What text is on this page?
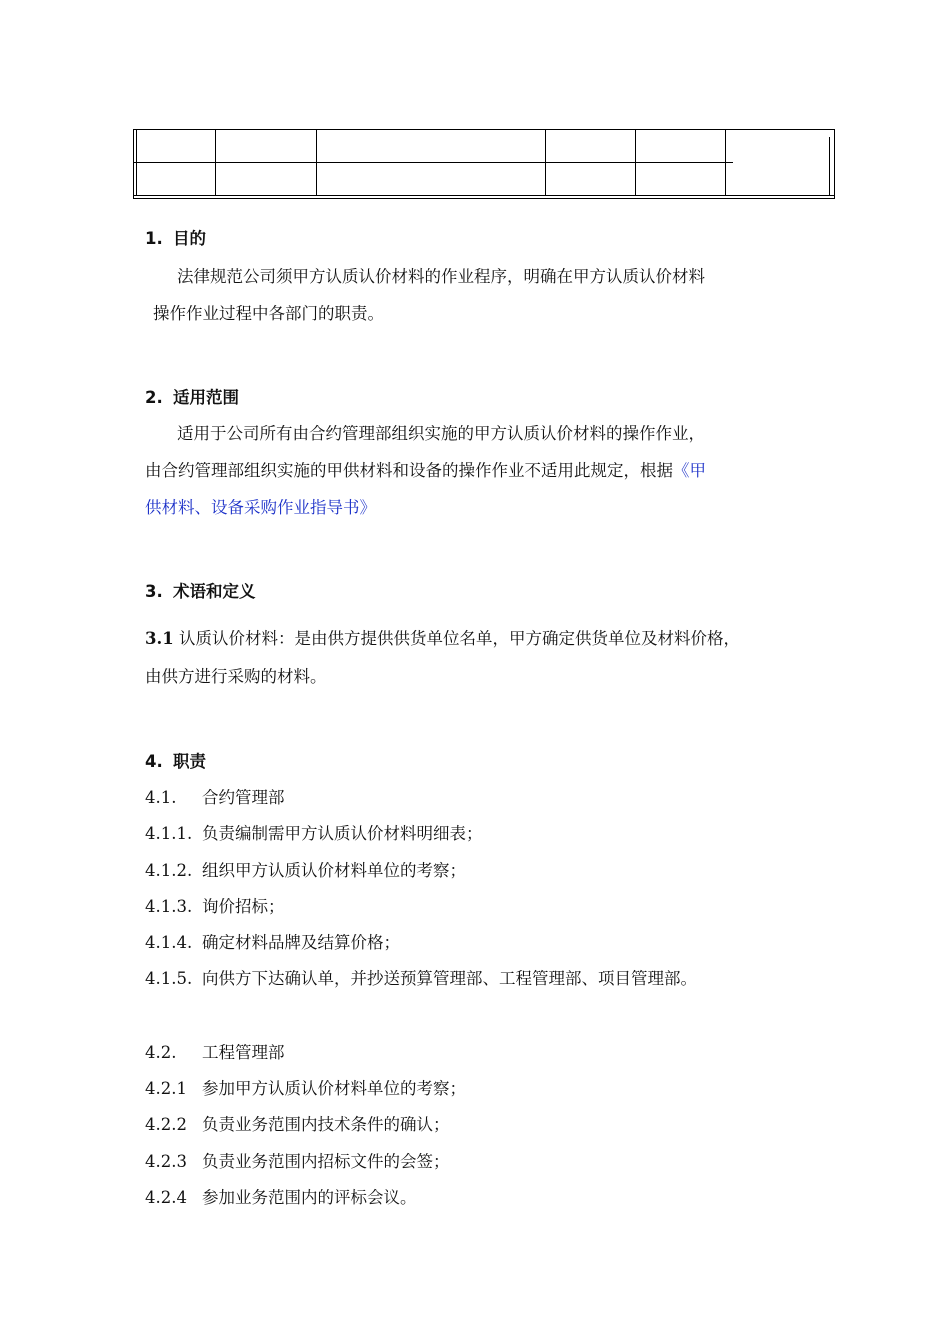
1. 目的
法律规范公司须甲方认质认价材料的作业程序，明确在甲方认质认价材料
操作作业过程中各部门的职责。
2. 适用范围
适用于公司所有由合约管理部组织实施的甲方认质认价材料的操作作业，
由合约管理部组织实施的甲供材料和设备的操作作业不适用此规定，根据《甲
供材料、设备采购作业指导书》
3. 术语和定义
3.1 认质认价材料：是由供方提供供货单位名单，甲方确定供货单位及材料价格，
由供方进行采购的材料。
4. 职责
4.1. 合约管理部
4.1.1. 负责编制需甲方认质认价材料明细表；
4.1.2. 组织甲方认质认价材料单位的考察；
4.1.3. 询价招标；
4.1.4. 确定材料品牌及结算价格；
4.1.5. 向供方下达确认单，并抄送预算管理部、工程管理部、项目管理部。
4.2. 工程管理部
4.2.1 参加甲方认质认价材料单位的考察；
4.2.2 负责业务范围内技术条件的确认；
4.2.3 负责业务范围内招标文件的会签；
4.2.4 参加业务范围内的评标会议。
